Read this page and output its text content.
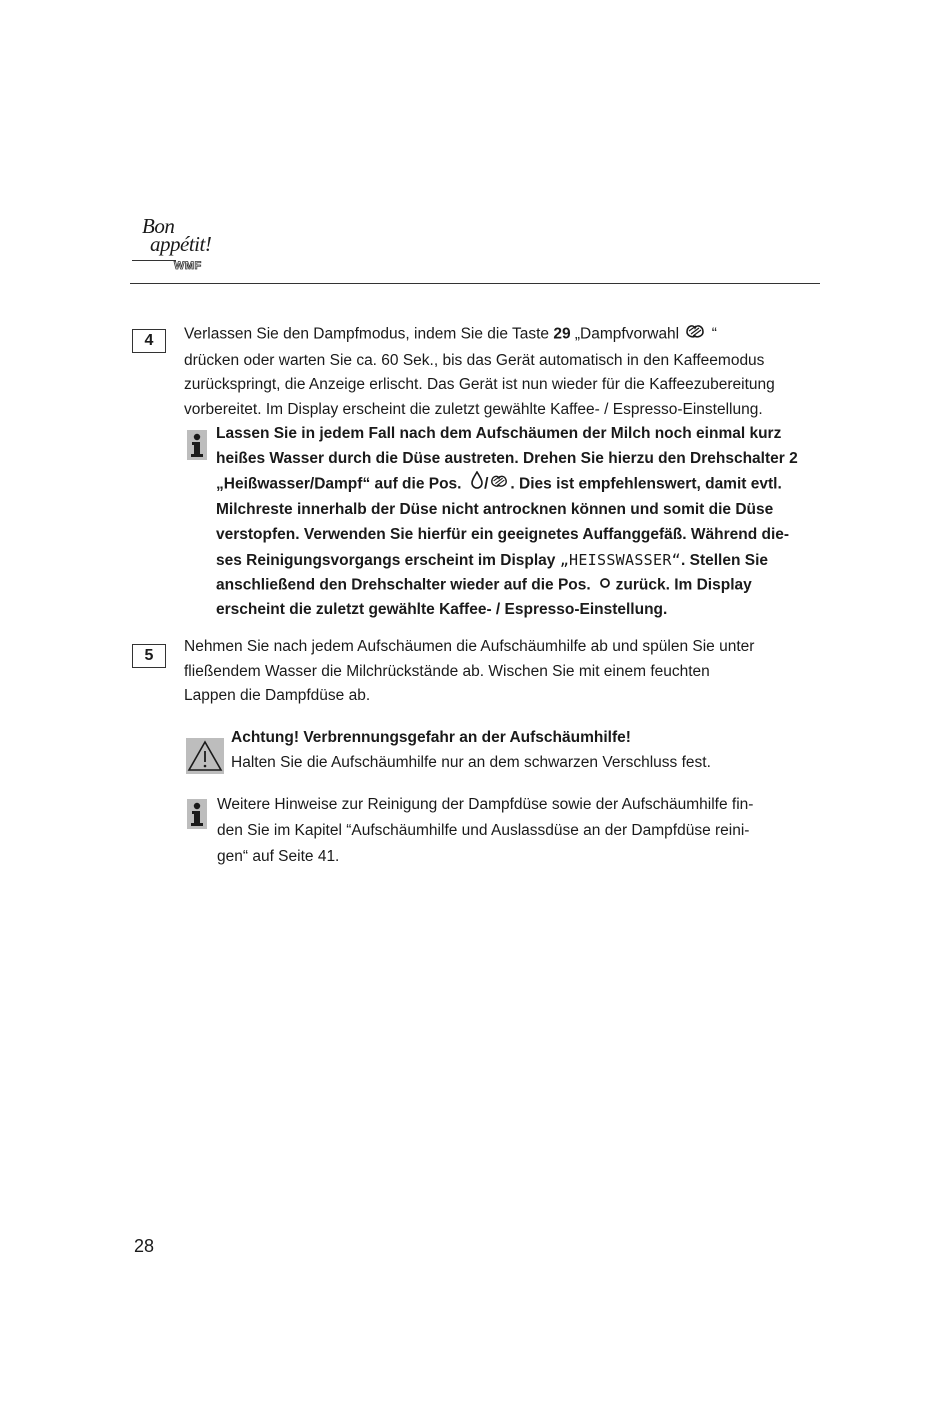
Bon
appétit!
WMF
4	Verlassen Sie den Dampfmodus, indem Sie die Taste 29 „Dampfvorwahl  “
drücken oder warten Sie ca. 60 Sek., bis das Gerät automatisch in den Kaffeemodus
zurückspringt, die Anzeige erlischt. Das Gerät ist nun wieder für die Kaffeezubereitung
vorbereitet. Im Display erscheint die zuletzt gewählte Kaffee- / Espresso-Einstellung.
Lassen Sie in jedem Fall nach dem Aufschäumen der Milch noch einmal kurz
heißes Wasser durch die Düse austreten. Drehen Sie hierzu den Drehschalter 2
„Heißwasser/Dampf“ auf die Pos.  / . Dies ist empfehlenswert, damit evtl.
Milchreste innerhalb der Düse nicht antrocknen können und somit die Düse
verstopfen. Verwenden Sie hierfür ein geeignetes Auffanggefäß. Während die-
ses Reinigungsvorgangs erscheint im Display „HEISSWASSER“. Stellen Sie
anschließend den Drehschalter wieder auf die Pos.   zurück. Im Display
erscheint die zuletzt gewählte Kaffee- / Espresso-Einstellung.
5
Nehmen Sie nach jedem Aufschäumen die Aufschäumhilfe ab und spülen Sie unter
fließendem Wasser die Milchrückstände ab. Wischen Sie mit einem feuchten
Lappen die Dampfdüse ab.
Achtung! Verbrennungsgefahr an der Aufschäumhilfe!
Halten Sie die Aufschäumhilfe nur an dem schwarzen Verschluss fest.
Weitere Hinweise zur Reinigung der Dampfdüse sowie der Aufschäumhilfe fin-
den Sie im Kapitel “Aufschäumhilfe und Auslassdüse an der Dampfdüse reini-
gen“ auf Seite 41.
28
